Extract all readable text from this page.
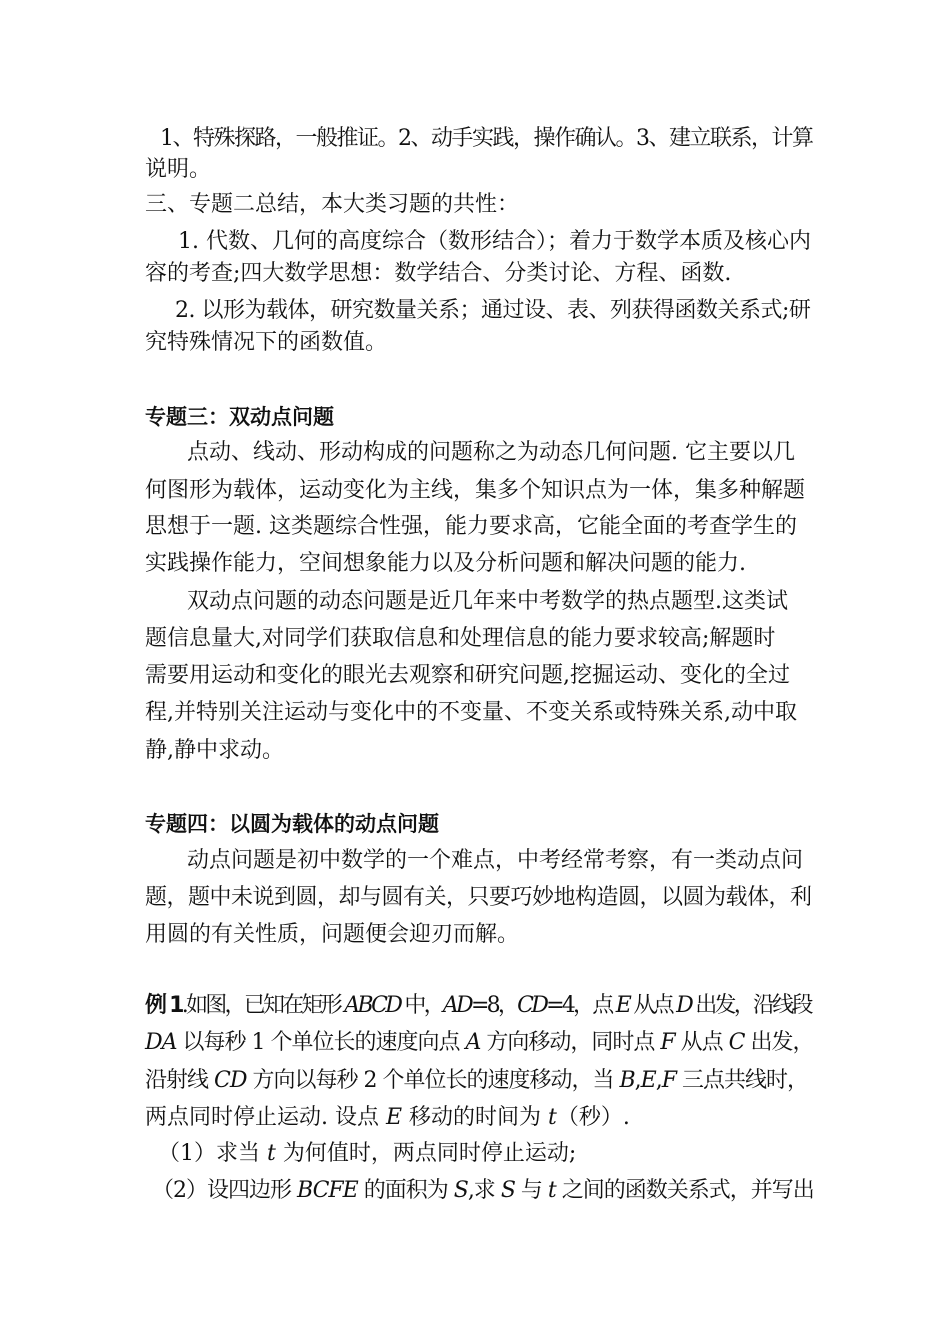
1、特殊探路，一般推证。2、动手实践，操作确认。3、建立联系，计算
说明。
三、专题二总结，本大类习题的共性：
1. 代数、几何的高度综合（数形结合）；着力于数学本质及核心内
容的考查;四大数学思想：数学结合、分类讨论、方程、函数.
2. 以形为载体，研究数量关系；通过设、表、列获得函数关系式;研
究特殊情况下的函数值。
专题三：双动点问题
点动、线动、形动构成的问题称之为动态几何问题. 它主要以几
何图形为载体，运动变化为主线，集多个知识点为一体，集多种解题
思想于一题. 这类题综合性强，能力要求高，它能全面的考查学生的
实践操作能力，空间想象能力以及分析问题和解决问题的能力.
双动点问题的动态问题是近几年来中考数学的热点题型.这类试
题信息量大,对同学们获取信息和处理信息的能力要求较高;解题时
需要用运动和变化的眼光去观察和研究问题,挖掘运动、变化的全过
程,并特别关注运动与变化中的不变量、不变关系或特殊关系,动中取
静,静中求动。
专题四：以圆为载体的动点问题
动点问题是初中数学的一个难点，中考经常考察，有一类动点问
题，题中未说到圆，却与圆有关，只要巧妙地构造圆，以圆为载体，利
用圆的有关性质，问题便会迎刃而解。
例 1.如图，已知在矩形 ABCD 中，AD=8，CD=4，点 E 从点 D 出发，沿线段
DA 以每秒 1 个单位长的速度向点 A 方向移动，同时点 F 从点 C 出发，
沿射线 CD 方向以每秒 2 个单位长的速度移动，当 B,E,F 三点共线时，
两点同时停止运动. 设点 E 移动的时间为 t（秒）.
（1）求当 t 为何值时，两点同时停止运动;
（2）设四边形 BCFE 的面积为 S,求 S 与 t 之间的函数关系式，并写出
